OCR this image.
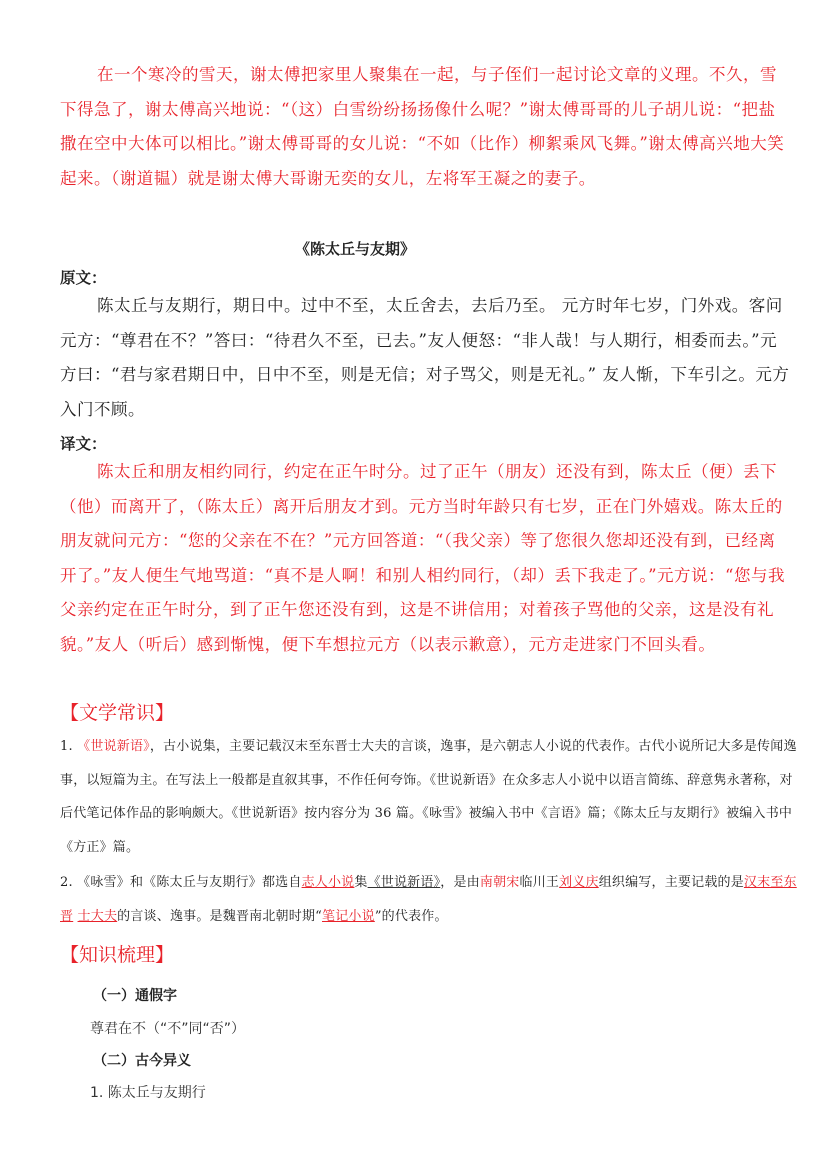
在一个寒冷的雪天，谢太傅把家里人聚集在一起，与子侄们一起讨论文章的义理。不久，雪下得急了，谢太傅高兴地说：“（这）白雪纷纷扬扬像什么呢？”谢太傅哥哥的儿子胡儿说：“把盐撒在空中大体可以相比。”谢太傅哥哥的女儿说：“不如（比作）柳絮乘风飞舞。”谢太傅高兴地大笑起来。（谢道韫）就是谢太傅大哥谢无奕的女儿，左将军王凝之的妻子。
《陈太丘与友期》
原文：
陈太丘与友期行，期日中。过中不至，太丘舍去，去后乃至。 元方时年七岁，门外戏。客问元方：“尊君在不？”答曰：“待君久不至，已去。”友人便怒：“非人哉！与人期行，相委而去。”元方曰：“君与家君期日中，日中不至，则是无信；对子骂父，则是无礼。” 友人惭，下车引之。元方入门不顾。
译文：
陈太丘和朋友相约同行，约定在正午时分。过了正午（朋友）还没有到，陈太丘（便）丢下（他）而离开了，（陈太丘）离开后朋友才到。元方当时年龄只有七岁，正在门外嬉戏。陈太丘的朋友就问元方：“您的父亲在不在？”元方回答道：“（我父亲）等了您很久您却还没有到，已经离开了。”友人便生气地骂道：“真不是人啊！和别人相约同行，（却）丢下我走了。”元方说：“您与我父亲约定在正午时分，到了正午您还没有到，这是不讲信用；对着孩子骂他的父亲，这是没有礼貌。”友人（听后）感到惭愧，便下车想拉元方（以表示歉意），元方走进家门不回头看。
【文学常识】
1. 《世说新语》，古小说集，主要记载汉末至东晋士大夫的言谈，逸事，是六朝志人小说的代表作。古代小说所记大多是传闻逸事，以短篇为主。在写法上一般都是直叙其事，不作任何夸饰。《世说新语》在众多志人小说中以语言简练、辞意隽永著称，对后代笔记体作品的影响颇大。《世说新语》按内容分为 36 篇。《咏雪》被编入书中《言语》篇；《陈太丘与友期行》被编入书中《方正》篇。
2. 《咏雪》和《陈太丘与友期行》都选自志人小说集《世说新语》，是由南朝宋临川王刘义庆组织编写，主要记载的是汉末至东晋 士大夫的言谈、逸事。是魏晋南北朝时期“笔记小说”的代表作。
【知识梳理】
（一）通假字
尊君在不（“不”同“否”）
（二）古今异义
1. 陈太丘与友期行
